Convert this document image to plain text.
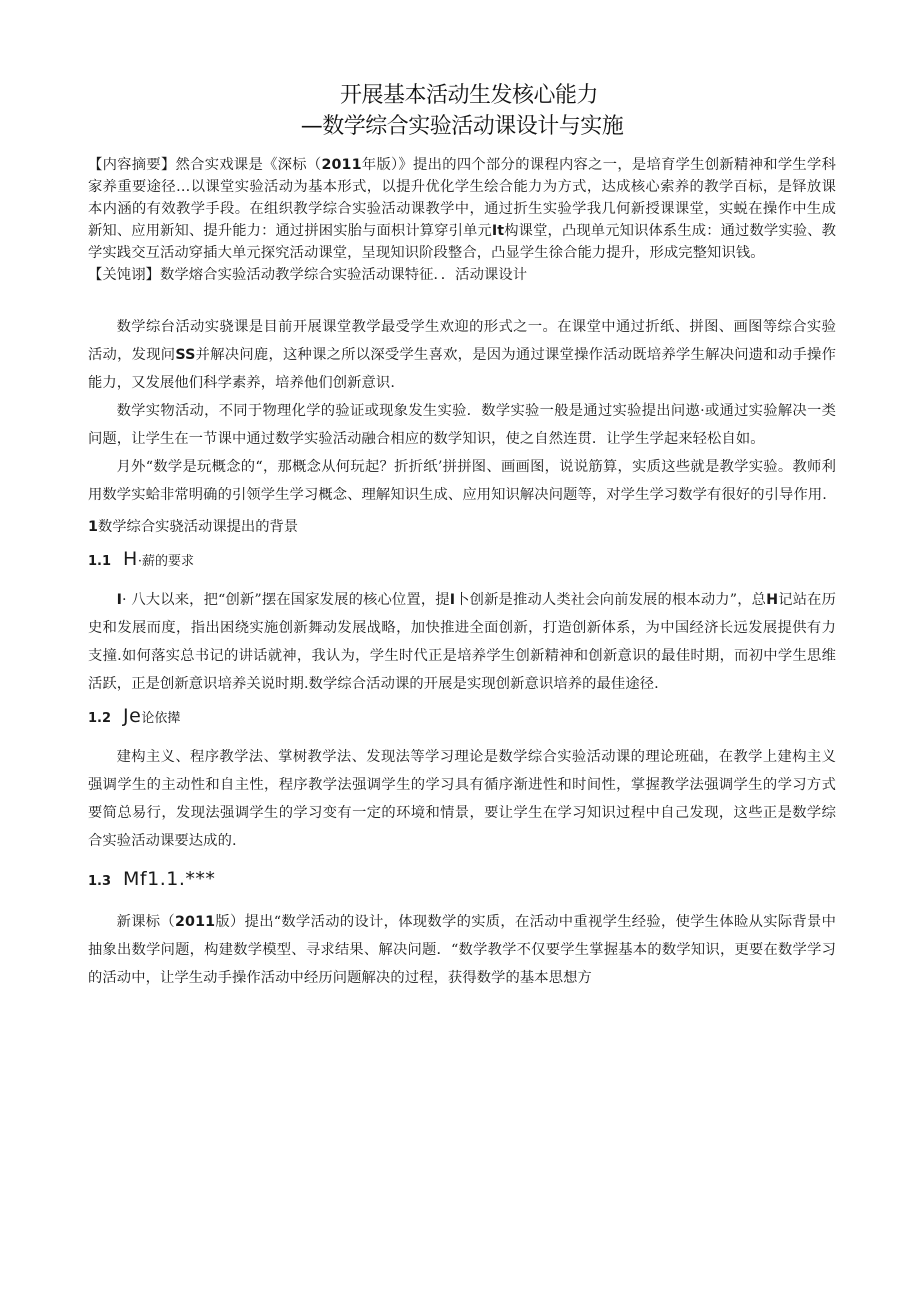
开展基本活动生发核心能力
—数学综合实验活动课设计与实施

【内容摘要】然合实戏课是《深标（2011年版）》提出的四个部分的课程内容之一，是培育学生创新精神和学生学科家养重要途径…以课堂实验活动为基本形式，以提升优化学生绘合能力为方式，达成核心索养的教学百标，是铎放课本内涵的有效教学手段。在组织教学综合实验活动课教学中，通过折生实验学我几何新授课课堂，实蜕在操作中生成新知、应用新知、提升能力：通过拼困实胎与面枳计算穿引单元It构课堂，凸现单元知识体系生成：通过数学实验、教学实践交互活动穿插大单元探究活动课堂，呈现知识阶段整合，凸显学生徐合能力提升，形成完整知识钱。

【关饨诩】数学熔合实验活动教学综合实验活动课特征．．活动课设计

数学综台活动实骁课是目前开展课堂教学最受学生欢迎的形式之一。在课堂中通过折纸、拼图、画图等综合实验活动，发现问SS并解决问鹿，这种课之所以深受学生喜欢，是因为通过课堂操作活动既培养学生解决问遗和动手操作能力，又发展他们科学素养，培养他们创新意识.

数学实物活动，不同于物理化学的验证或现象发生实验．数学实验一般是通过实验提出问遨·或通过实验解决一类问题，让学生在一节课中通过数学实验活动融合相应的数学知识，使之自然连贯．让学生学起来轻松自如。

月外“数学是玩概念的“，那概念从何玩起？折折纸’拼拼图、画画图，说说筋算，实质这些就是教学实验。教师利用数学实蛤非常明确的引领学生学习概念、理解知识生成、应用知识解决问题等，对学生学习数学有很好的引导作用.

1数学综合实骁活动课提出的背景
1.1 H·薪的要求

I· 八大以来，把“创新”摆在国家发展的核心位置，提I卜创新是推动人类社会向前发展的根本动力”，总H记站在历史和发展而度，指出困绕实施创新舞动发展战略，加快推进全面创新，打造创新体系，为中国经济长远发展提供有力支撞.如何落实总书记的讲话就神，我认为，学生时代正是培养学生创新精神和创新意识的最佳时期，而初中学生思维活跃，正是创新意识培养关说时期.数学综合活动课的开展是实现创新意识培养的最佳途径.

1.2 Je论依撵

建构主义、程序教学法、掌树教学法、发现法等学习理论是数学综合实验活动课的理论班础，在教学上建构主义强调学生的主动性和自主性，程序教学法强调学生的学习具有循序渐进性和时间性，掌握教学法强调学生的学习方式要简总易行，发现法强调学生的学习变有一定的环境和情景，要让学生在学习知识过程中自己发现，这些正是数学综合实验活动课要达成的.

1.3 Mf1.1.***

新课标（2011版）提出“数学活动的设计，体现数学的实质，在活动中重视学生经验，使学生体睑从实际背景中抽象出数学问题，构建数学模型、寻求结果、解决问题．“数学教学不仅要学生掌握基本的数学知识，更要在数学学习的活动中，让学生动手操作活动中经历问题解决的过程，获得数学的基本思想方
